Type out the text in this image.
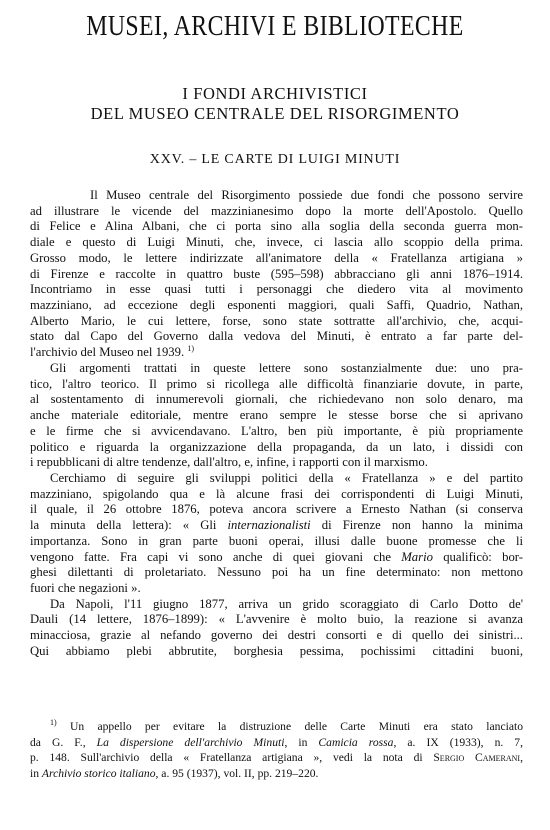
MUSEI, ARCHIVI E BIBLIOTECHE
I FONDI ARCHIVISTICI
DEL MUSEO CENTRALE DEL RISORGIMENTO
XXV. – LE CARTE DI LUIGI MINUTI
Il Museo centrale del Risorgimento possiede due fondi che possono servire
ad illustrare le vicende del mazzinianesimo dopo la morte dell'Apostolo. Quello
di Felice e Alina Albani, che ci porta sino alla soglia della seconda guerra mon-
diale e questo di Luigi Minuti, che, invece, ci lascia allo scoppio della prima.
Grosso modo, le lettere indirizzate all'animatore della « Fratellanza artigiana »
di Firenze e raccolte in quattro buste (595–598) abbracciano gli anni 1876–1914.
Incontriamo in esse quasi tutti i personaggi che diedero vita al movimento
mazziniano, ad eccezione degli esponenti maggiori, quali Saffi, Quadrio, Nathan,
Alberto Mario, le cui lettere, forse, sono state sottratte all'archivio, che, acqui-
stato dal Capo del Governo dalla vedova del Minuti, è entrato a far parte del-
l'archivio del Museo nel 1939. $^{1)}$
Gli argomenti trattati in queste lettere sono sostanzialmente due: uno pra-
tico, l'altro teorico. Il primo si ricollega alle difficoltà finanziarie dovute, in parte,
al sostentamento di innumerevoli giornali, che richiedevano non solo denaro, ma
anche materiale editoriale, mentre erano sempre le stesse borse che si aprivano
e le firme che si avvicendavano. L'altro, ben più importante, è più propriamente
politico e riguarda la organizzazione della propaganda, da un lato, i dissidi con
i repubblicani di altre tendenze, dall'altro, e, infine, i rapporti con il marxismo.
Cerchiamo di seguire gli sviluppi politici della « Fratellanza » e del partito
mazziniano, spigolando qua e là alcune frasi dei corrispondenti di Luigi Minuti,
il quale, il 26 ottobre 1876, poteva ancora scrivere a Ernesto Nathan (si conserva
la minuta della lettera): « Gli internazionalisti di Firenze non hanno la minima
importanza. Sono in gran parte buoni operai, illusi dalle buone promesse che li
vengono fatte. Fra capi vi sono anche di quei giovani che Mario qualificò: bor-
ghesi dilettanti di proletariato. Nessuno poi ha un fine determinato: non mettono
fuori che negazioni ».
Da Napoli, l'11 giugno 1877, arriva un grido scoraggiato di Carlo Dotto de'
Dauli (14 lettere, 1876–1899): « L'avvenire è molto buio, la reazione si avanza
minacciosa, grazie al nefando governo dei destri consorti e di quello dei sinistri...
Qui abbiamo plebi abbrutite, borghesia pessima, pochissimi cittadini buoni,
$^{1)}$ Un appello per evitare la distruzione delle Carte Minuti era stato lanciato
da G. F., La dispersione dell'archivio Minuti, in Camicia rossa, a. IX (1933), n. 7,
p. 148. Sull'archivio della « Fratellanza artigiana », vedi la nota di Sergio Camerani,
in Archivio storico italiano, a. 95 (1937), vol. II, pp. 219–220.
